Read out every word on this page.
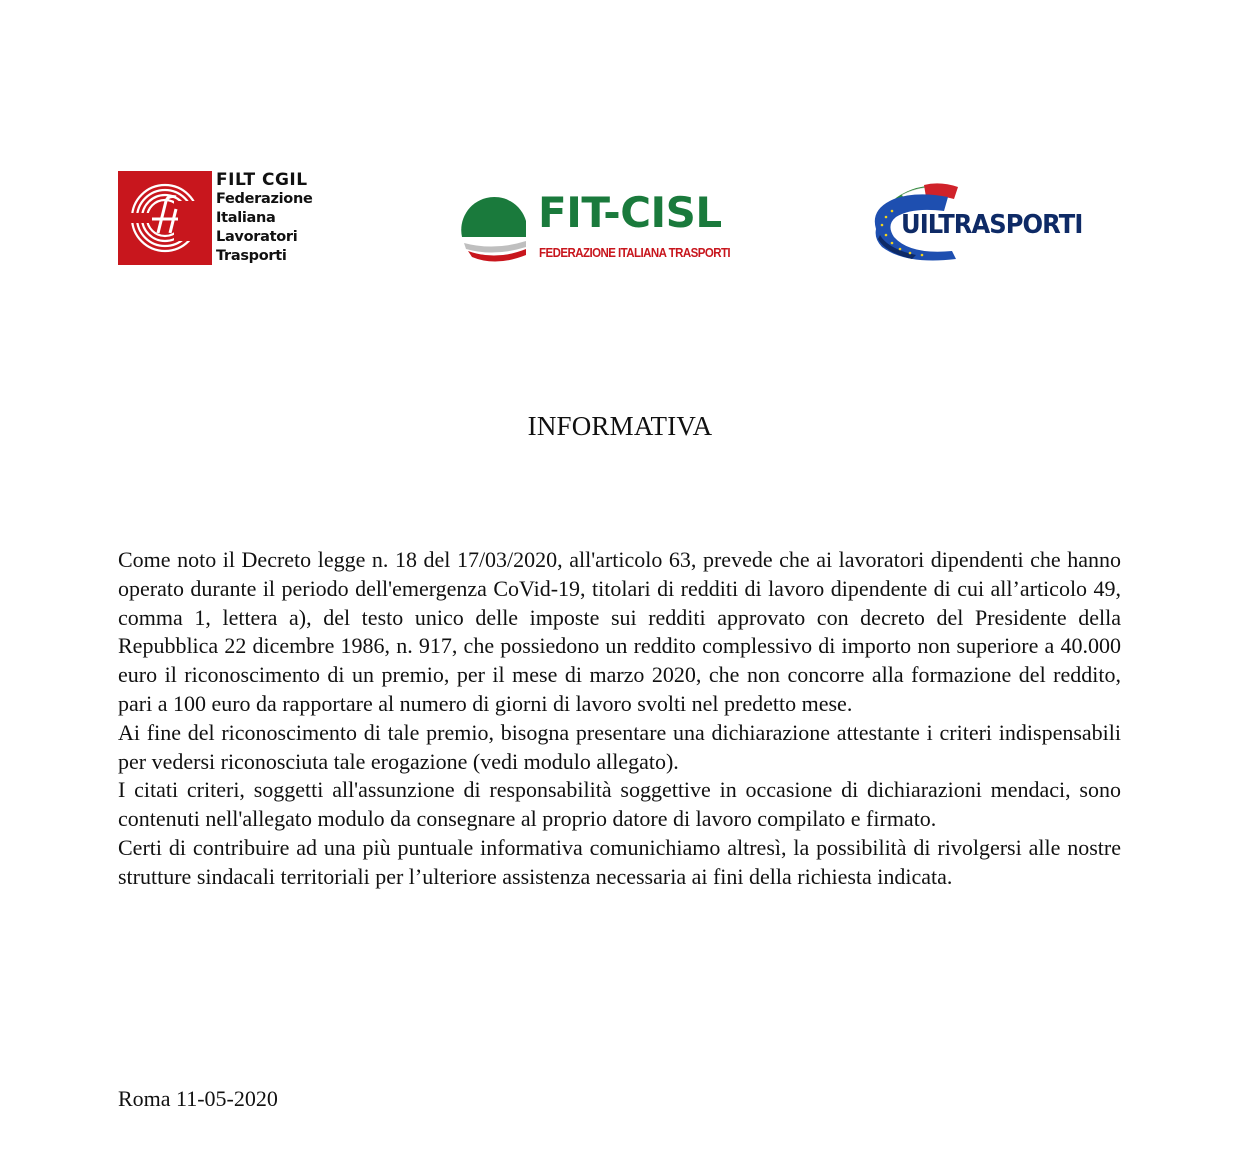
FILT CGIL
Federazione
Italiana
Lavoratori
Trasporti
FIT-CISL
FEDERAZIONE ITALIANA TRASPORTI
UILTRASPORTI
INFORMATIVA

Come noto il Decreto legge n. 18 del 17/03/2020, all'articolo 63, prevede che ai lavoratori dipendenti che hanno operato durante il periodo dell'emergenza CoVid-19, titolari di redditi di lavoro dipendente di cui all’articolo 49, comma 1, lettera a), del testo unico delle imposte sui redditi approvato con decreto del Presidente della Repubblica 22 dicembre 1986, n. 917, che possiedono un reddito complessivo di importo non superiore a 40.000 euro il riconoscimento di un premio, per il mese di marzo 2020, che non concorre alla formazione del reddito, pari a 100 euro da rapportare al numero di giorni di lavoro svolti nel predetto mese.

Ai fine del riconoscimento di tale premio, bisogna presentare una dichiarazione attestante i criteri indispensabili per vedersi riconosciuta tale erogazione (vedi modulo allegato).

I citati criteri, soggetti all'assunzione di responsabilità soggettive in occasione di dichiarazioni mendaci, sono contenuti nell'allegato modulo da consegnare al proprio datore di lavoro compilato e firmato.

Certi di contribuire ad una più puntuale informativa comunichiamo altresì, la possibilità di rivolgersi alle nostre strutture sindacali territoriali per l’ulteriore assistenza necessaria ai fini della richiesta indicata.

Roma 11-05-2020
